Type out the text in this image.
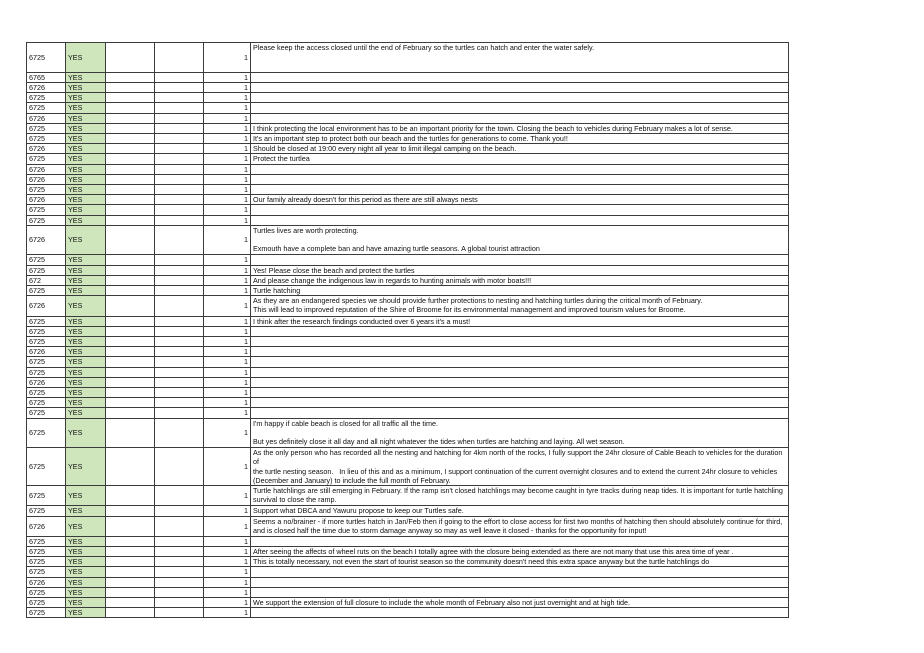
6725	YES			1	Please keep the access closed until the end of February so the turtles can hatch and enter the water safely.

6765	YES			1	
6726	YES			1	
6725	YES			1	
6725	YES			1	
6726	YES			1	
6725	YES			1	I think protecting the local environment has to be an important priority for the town. Closing the beach to vehicles during February makes a lot of sense.
6725	YES			1	It's an important step to protect both our beach and the turtles for generations to come. Thank you!!
6726	YES			1	Should be closed at 19:00 every night all year to limit illegal camping on the beach.
6725	YES			1	Protect the turtlea
6726	YES			1	
6726	YES			1	
6725	YES			1	
6726	YES			1	Our family already doesn't for this period as there are still always nests
6725	YES			1	
6725	YES			1	
6726	YES			1	Turtles lives are worth protecting.

Exmouth have a complete ban and have amazing turtle seasons. A global tourist attraction
6725	YES			1	
6725	YES			1	Yes! Please close the beach and protect the turtles
672	YES			1	And please change the indigenous law in regards to hunting animals with motor boats!!!
6725	YES			1	Turtle hatching
6726	YES			1	As they are an endangered species we should provide further protections to nesting and hatching turtles during the critical month of February.
This will lead to improved reputation of the Shire of Broome for its environmental management and improved tourism values for Broome.
6725	YES			1	I think after the research findings conducted over 6 years it's a must!
6725	YES			1	
6725	YES			1	
6726	YES			1	
6725	YES			1	
6725	YES			1	
6726	YES			1	
6725	YES			1	
6725	YES			1	
6725	YES			1	
6725	YES			1	I'm happy if cable beach is closed for all traffic all the time.

But yes definitely close it all day and all night whatever the tides when turtles are hatching and laying. All wet season.
6725	YES			1	As the only person who has recorded all the nesting and hatching for 4km north of the rocks, I fully support the 24hr closure of Cable Beach to vehicles for the duration of
the turtle nesting season.   In lieu of this and as a minimum, I support continuation of the current overnight closures and to extend the current 24hr closure to vehicles
(December and January) to include the full month of February.
6725	YES			1	Turtle hatchlings are still emerging in February. If the ramp isn't closed hatchlings may become caught in tyre tracks during neap tides. It is important for turtle hatchling
survival to close the ramp.
6725	YES			1	Support what DBCA and Yawuru propose to keep our Turtles safe.
6726	YES			1	Seems a no/brainer - if more turtles hatch in Jan/Feb then if going to the effort to close access for first two months of hatching then should absolutely continue for third,
and is closed half the time due to storm damage anyway so may as well leave it closed - thanks for the opportunity for input!
6725	YES			1	
6725	YES			1	After seeing the affects of wheel ruts on the beach I totally agree with the closure being extended as there are not many that use this area time of year .
6725	YES			1	This is totally necessary, not even the start of tourist season so the community doesn't need this extra space anyway but the turtle hatchlings do
6725	YES			1	
6726	YES			1	
6725	YES			1	
6725	YES			1	We support the extension of full closure to include the whole month of February also not just overnight and at high tide.
6725	YES			1	
